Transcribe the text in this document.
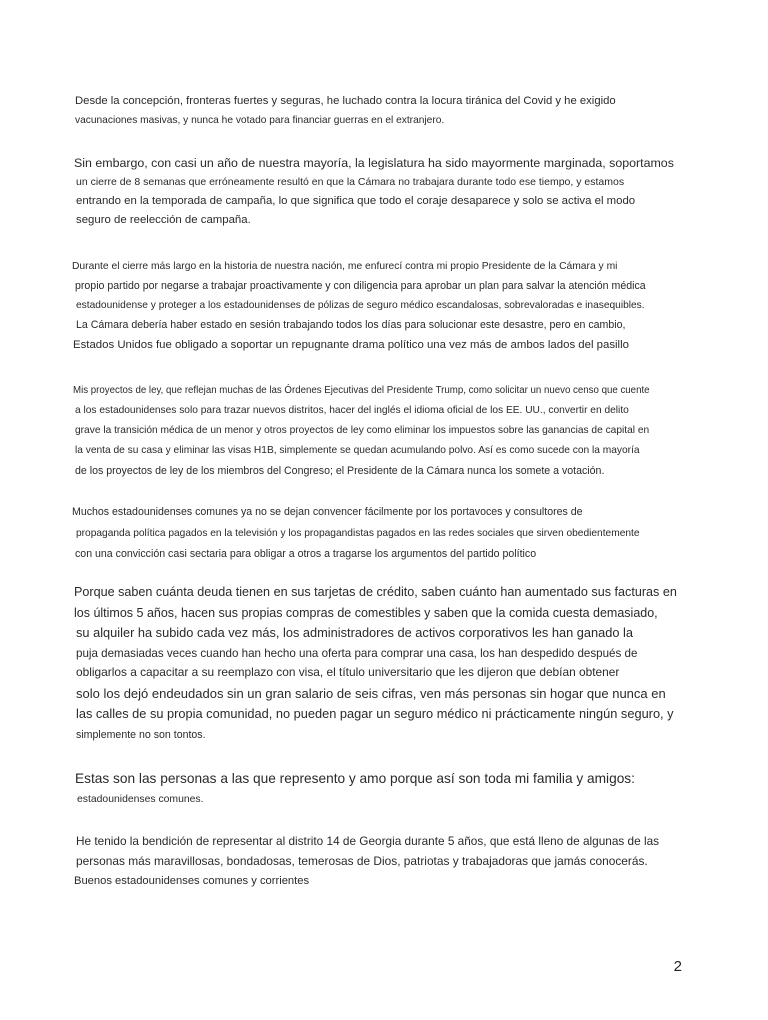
Desde la concepción, fronteras fuertes y seguras, he luchado contra la locura tiránica del Covid y he exigido
vacunaciones masivas, y nunca he votado para financiar guerras en el extranjero.
Sin embargo, con casi un año de nuestra mayoría, la legislatura ha sido mayormente marginada, soportamos
un cierre de 8 semanas que erróneamente resultó en que la Cámara no trabajara durante todo ese tiempo, y estamos
entrando en la temporada de campaña, lo que significa que todo el coraje desaparece y solo se activa el modo
seguro de reelección de campaña.
Durante el cierre más largo en la historia de nuestra nación, me enfurecí contra mi propio Presidente de la Cámara y mi
propio partido por negarse a trabajar proactivamente y con diligencia para aprobar un plan para salvar la atención médica
estadounidense y proteger a los estadounidenses de pólizas de seguro médico escandalosas, sobrevaloradas e inasequibles.
La Cámara debería haber estado en sesión trabajando todos los días para solucionar este desastre, pero en cambio,
Estados Unidos fue obligado a soportar un repugnante drama político una vez más de ambos lados del pasillo
Mis proyectos de ley, que reflejan muchas de las Órdenes Ejecutivas del Presidente Trump, como solicitar un nuevo censo que cuente
a los estadounidenses solo para trazar nuevos distritos, hacer del inglés el idioma oficial de los EE. UU., convertir en delito
grave la transición médica de un menor y otros proyectos de ley como eliminar los impuestos sobre las ganancias de capital en
la venta de su casa y eliminar las visas H1B, simplemente se quedan acumulando polvo. Así es como sucede con la mayoría
de los proyectos de ley de los miembros del Congreso; el Presidente de la Cámara nunca los somete a votación.
Muchos estadounidenses comunes ya no se dejan convencer fácilmente por los portavoces y consultores de
propaganda política pagados en la televisión y los propagandistas pagados en las redes sociales que sirven obedientemente
con una convicción casi sectaria para obligar a otros a tragarse los argumentos del partido político
Porque saben cuánta deuda tienen en sus tarjetas de crédito, saben cuánto han aumentado sus facturas en
los últimos 5 años, hacen sus propias compras de comestibles y saben que la comida cuesta demasiado,
su alquiler ha subido cada vez más, los administradores de activos corporativos les han ganado la
puja demasiadas veces cuando han hecho una oferta para comprar una casa, los han despedido después de
obligarlos a capacitar a su reemplazo con visa, el título universitario que les dijeron que debían obtener
solo los dejó endeudados sin un gran salario de seis cifras, ven más personas sin hogar que nunca en
las calles de su propia comunidad, no pueden pagar un seguro médico ni prácticamente ningún seguro, y
simplemente no son tontos.
Estas son las personas a las que represento y amo porque así son toda mi familia y amigos:
estadounidenses comunes.
He tenido la bendición de representar al distrito 14 de Georgia durante 5 años, que está lleno de algunas de las
personas más maravillosas, bondadosas, temerosas de Dios, patriotas y trabajadoras que jamás conocerás.
Buenos estadounidenses comunes y corrientes
2
